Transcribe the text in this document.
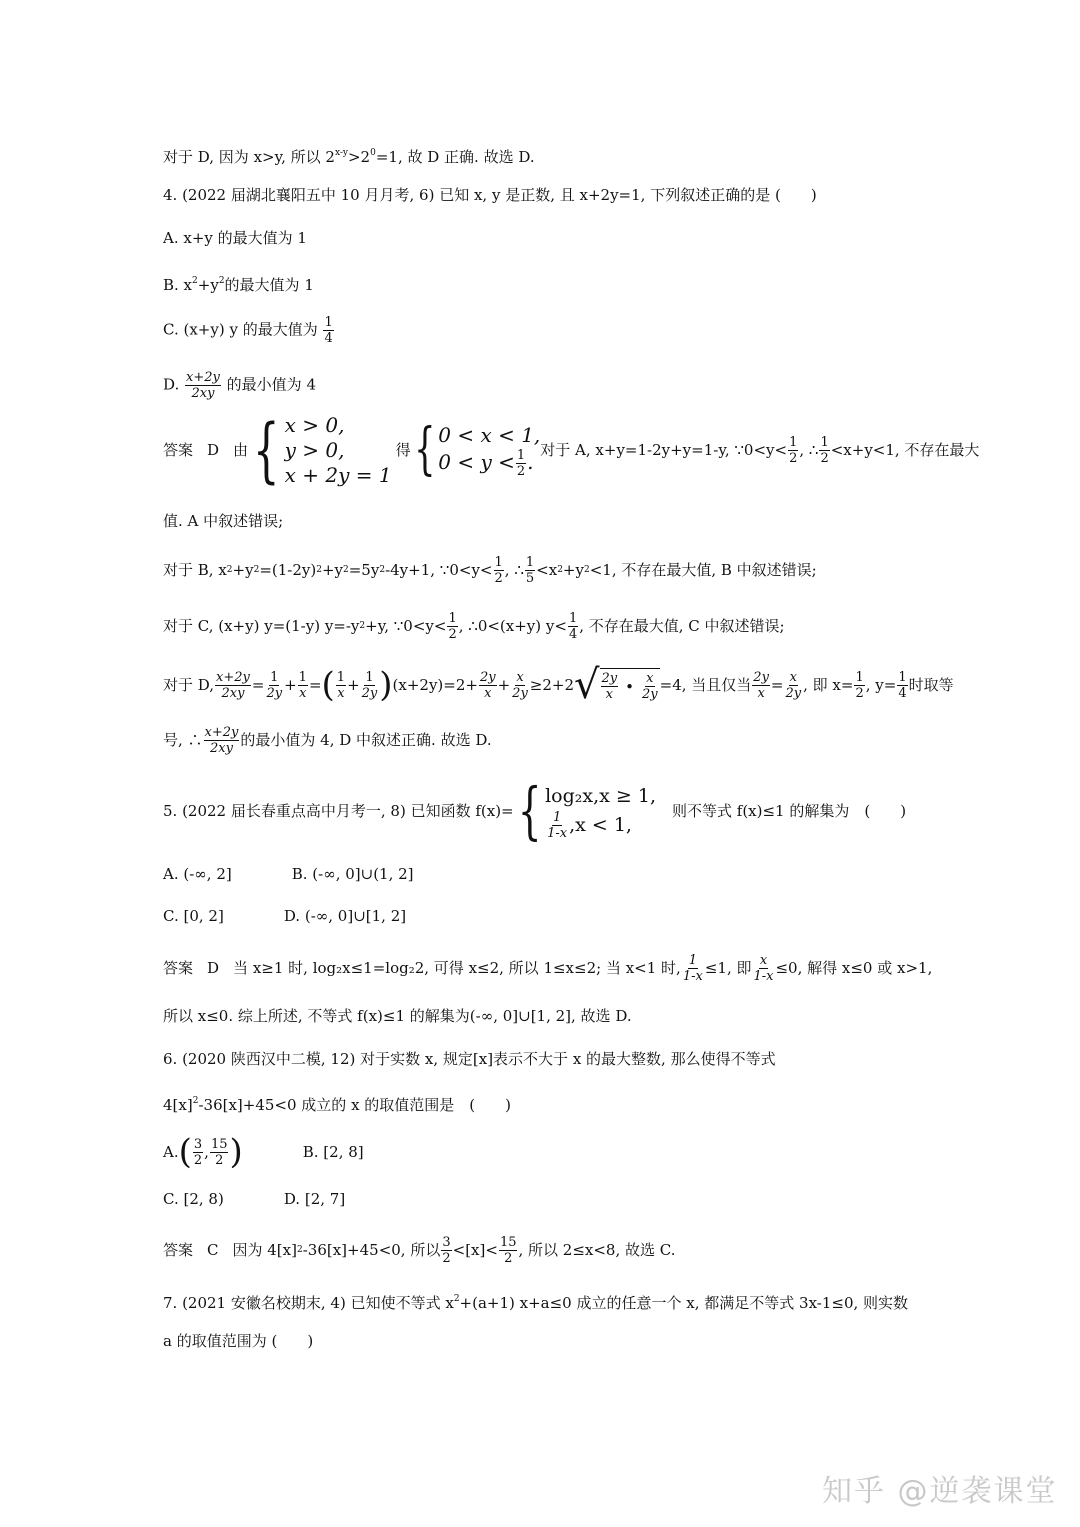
对于 D, 因为 x>y, 所以 $2^{x-y}>2^0=1$, 故 D 正确. 故选 D.
4. (2022 届湖北襄阳五中 10 月月考, 6) 已知 x, y 是正数, 且 x+2y=1, 下列叙述正确的是 (　　)
A. x+y 的最大值为 1
B. $x^2+y^2$的最大值为 1
C. (x+y) y 的最大值为 $\frac{1}{4}$
D. $\frac{x+2y}{2xy}$ 的最小值为 4
答案 D 由 { x > 0,
y > 0,
x + 2y = 1
得 { 0 < x < 1,
$0 < y < \frac{1}{2}$ . 对于 A, x+y=1-2y+y=1-y, ∵0<y< $\frac{1}{2}$ , ∴ $\frac{1}{2} <x+y<1$, 不存在最大
值. A 中叙述错误;
对于 B, x 2 +y 2 =(1-2y) 2 +y 2 =5y 2 -4y+1, ∵0<y< $\frac{1}{2}$ , ∴ $\frac{1}{5} <x$ 2 +y 2 <1, 不存在最大值, B 中叙述错误;
对于 C, (x+y) y=(1-y) y=-y 2 +y, ∵0<y< $\frac{1}{2}$ , ∴0<(x+y) $y< \frac{1}{4}$ , 不存在最大值, C 中叙述错误;
对于 D, $\frac{x+2y}{2xy} = \frac{1}{2y} + \frac{1}{x}$ = ( $\frac{1}{x} + \frac{1}{2y}$ ) $(x+2y)=2+ \frac{2y}{x} + \frac{x}{2y} \ge 2+2$ √ $\frac{2y}{x}$ • $\frac{x}{2y} =4$, 当且仅当 $\frac{2y}{x} = \frac{x}{2y}$ , 即 $x= \frac{1}{2}$ , $y= \frac{1}{4}$ 时取等
号, ∴ $\frac{x+2y}{2xy}$ 的最小值为 4, D 中叙述正确. 故选 D.
5. (2022 届长春重点高中月考一, 8) 已知函数 f(x)= { log₂x,x ≥ 1,
$\frac{1}{1-x} ,x < 1$,
则不等式 f(x)≤1 的解集为　(　　)
A. (-∞, 2]	B. (-∞, 0]∪(1, 2]
C. [0, 2]	D. (-∞, 0]∪[1, 2]
答案 D 当 x≥1 时, log₂x≤1=log₂2, 可得 x≤2, 所以 1≤x≤2; 当 x<1 时, $\frac{1}{1-x} \le 1$, 即 $\frac{x}{1-x} \le 0$, 解得 x≤0 或 x>1,
所以 x≤0. 综上所述, 不等式 f(x)≤1 的解集为(-∞, 0]∪[1, 2], 故选 D.
6. (2020 陕西汉中二模, 12) 对于实数 x, 规定[x]表示不大于 x 的最大整数, 那么使得不等式
$4[x]^2-36[x]+45<0$ 成立的 x 的取值范围是　(　　)
A. ( $\frac{3}{2}$ , $\frac{15}{2}$ )	B. [2, 8]
C. [2, 8)	D. [2, 7]
答案 C 因为 4[x] 2 -36[x]+45<0, 所以 $\frac{3}{2} <[x]< \frac{15}{2}$ , 所以 2≤x<8, 故选 C.
7. (2021 安徽名校期末, 4) 已知使不等式 $x^2+(a+1)$ x+a≤0 成立的任意一个 x, 都满足不等式 3x-1≤0, 则实数
a 的取值范围为 (　　)
知乎 @逆袭课堂
